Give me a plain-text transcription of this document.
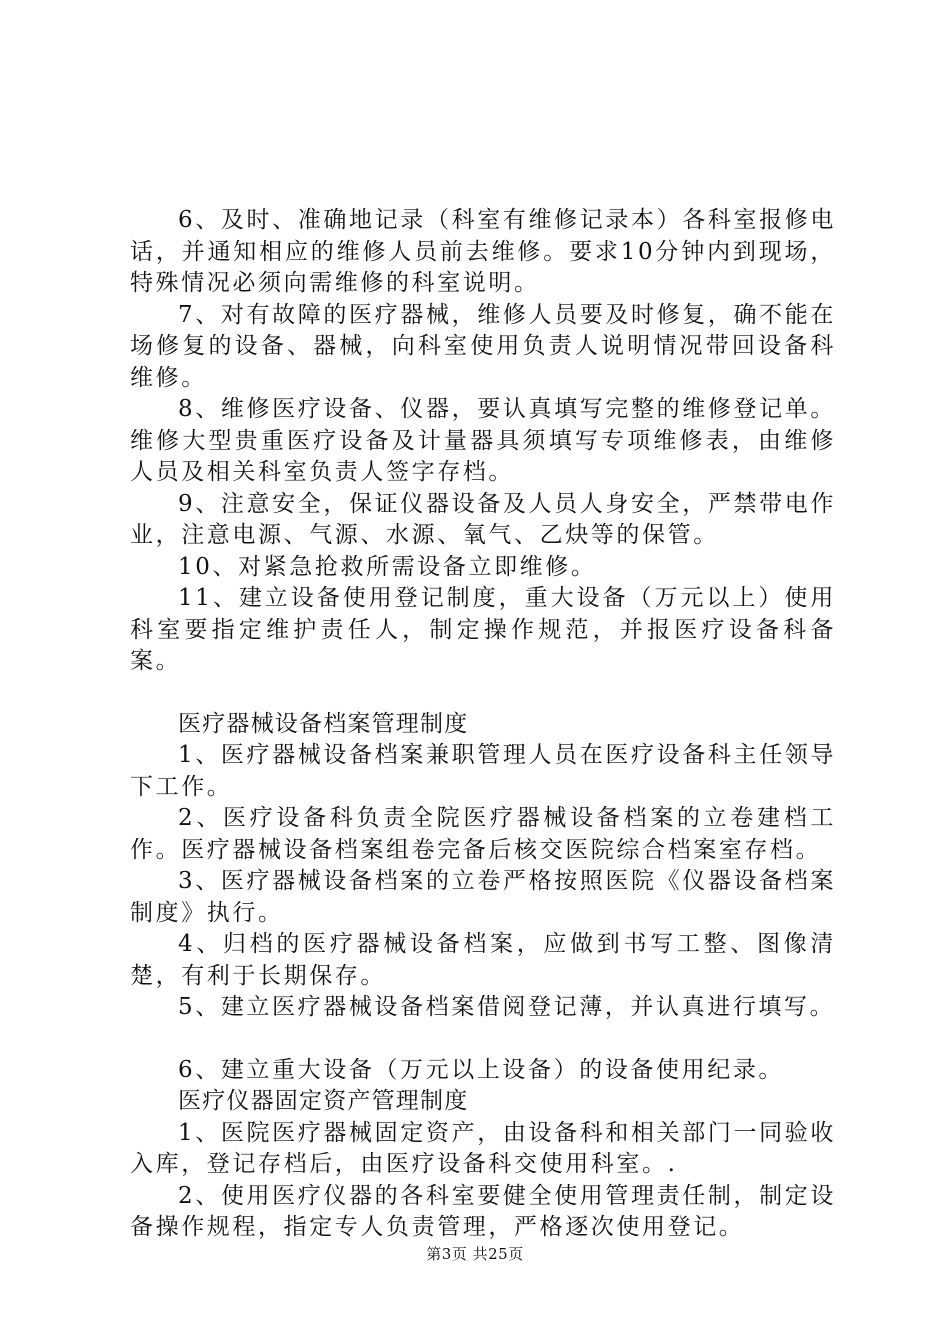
6、及时、准确地记录（科室有维修记录本）各科室报修电话，并通知相应的维修人员前去维修。要求10分钟内到现场，特殊情况必须向需维修的科室说明。

7、对有故障的医疗器械，维修人员要及时修复，确不能在场修复的设备、器械，向科室使用负责人说明情况带回设备科维修。

8、维修医疗设备、仪器，要认真填写完整的维修登记单。维修大型贵重医疗设备及计量器具须填写专项维修表，由维修人员及相关科室负责人签字存档。

9、注意安全，保证仪器设备及人员人身安全，严禁带电作业，注意电源、气源、水源、氧气、乙炔等的保管。

10、对紧急抢救所需设备立即维修。

11、建立设备使用登记制度，重大设备（万元以上）使用科室要指定维护责任人，制定操作规范，并报医疗设备科备案。

医疗器械设备档案管理制度

1、医疗器械设备档案兼职管理人员在医疗设备科主任领导下工作。

2、医疗设备科负责全院医疗器械设备档案的立卷建档工作。医疗器械设备档案组卷完备后核交医院综合档案室存档。

3、医疗器械设备档案的立卷严格按照医院《仪器设备档案制度》执行。

4、归档的医疗器械设备档案，应做到书写工整、图像清楚，有利于长期保存。

5、建立医疗器械设备档案借阅登记薄，并认真进行填写。

6、建立重大设备（万元以上设备）的设备使用纪录。

医疗仪器固定资产管理制度

1、医院医疗器械固定资产，由设备科和相关部门一同验收入库，登记存档后，由医疗设备科交使用科室。.

2、使用医疗仪器的各科室要健全使用管理责任制，制定设备操作规程，指定专人负责管理，严格逐次使用登记。

第3页 共25页
